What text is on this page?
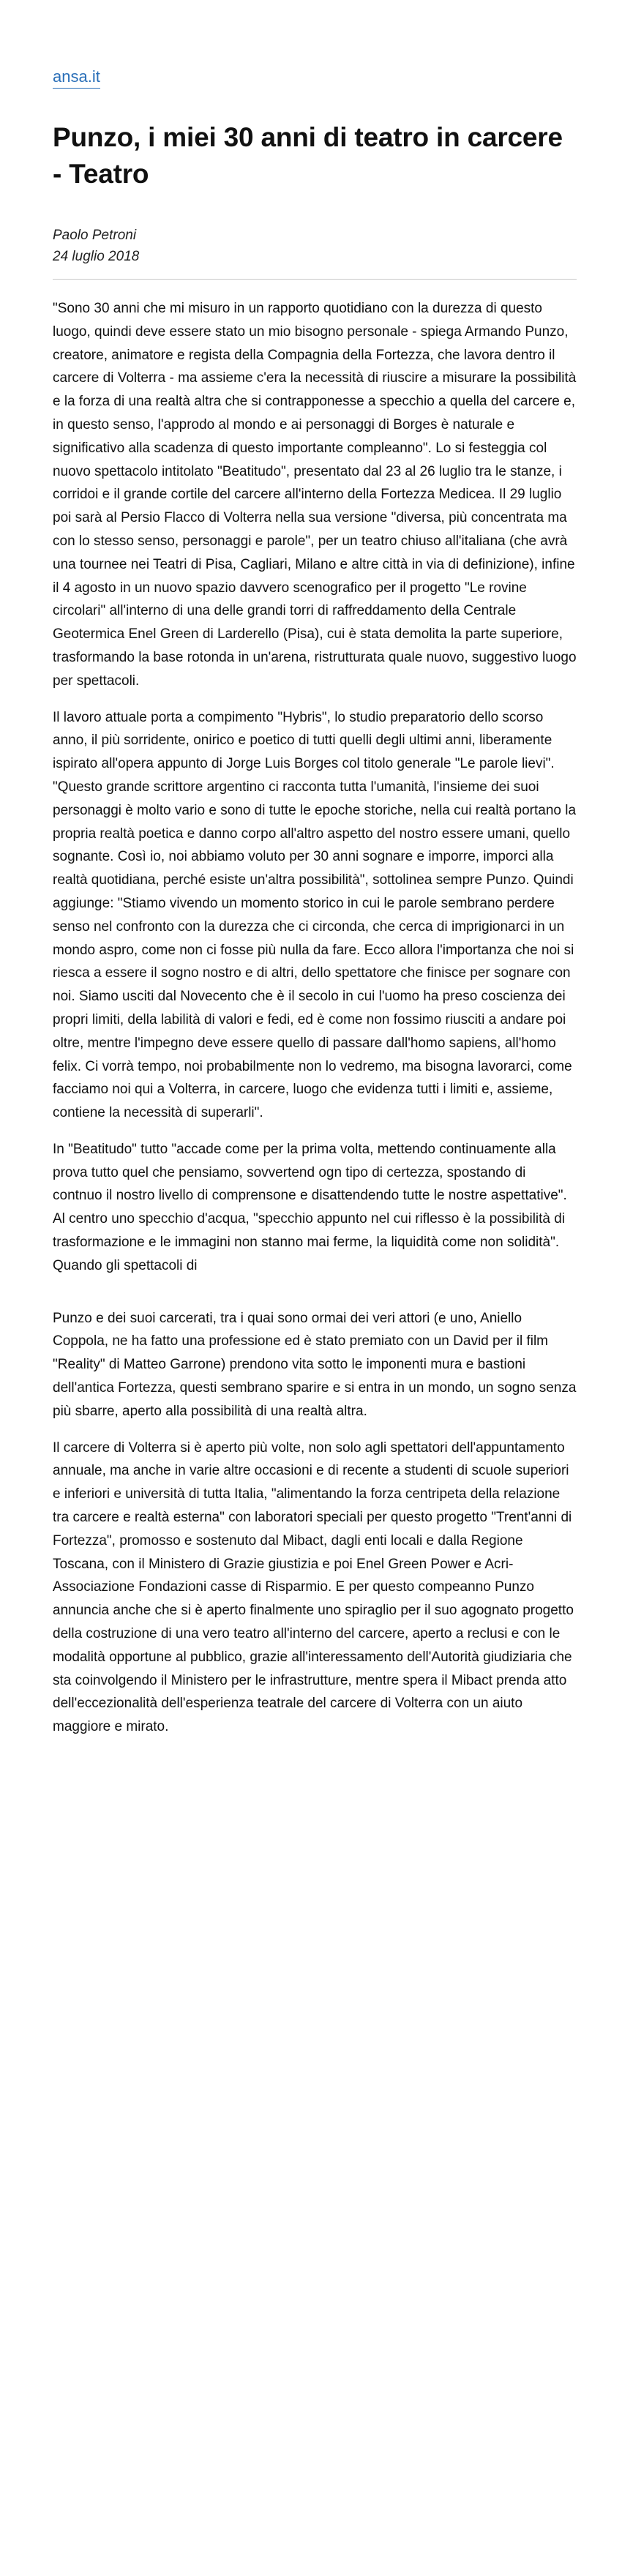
ansa.it
Punzo, i miei 30 anni di teatro in carcere - Teatro
Paolo Petroni
24 luglio 2018

"Sono 30 anni che mi misuro in un rapporto quotidiano con la durezza di questo luogo, quindi deve essere stato un mio bisogno personale - spiega Armando Punzo, creatore, animatore e regista della Compagnia della Fortezza, che lavora dentro il carcere di Volterra - ma assieme c'era la necessità di riuscire a misurare la possibilità e la forza di una realtà altra che si contrapponesse a specchio a quella del carcere e, in questo senso, l'approdo al mondo e ai personaggi di Borges è naturale e significativo alla scadenza di questo importante compleanno". Lo si festeggia col nuovo spettacolo intitolato "Beatitudo", presentato dal 23 al 26 luglio tra le stanze, i corridoi e il grande cortile del carcere all'interno della Fortezza Medicea. Il 29 luglio poi sarà al Persio Flacco di Volterra nella sua versione "diversa, più concentrata ma con lo stesso senso, personaggi e parole", per un teatro chiuso all'italiana (che avrà una tournee nei Teatri di Pisa, Cagliari, Milano e altre città in via di definizione), infine il 4 agosto in un nuovo spazio davvero scenografico per il progetto "Le rovine circolari" all'interno di una delle grandi torri di raffreddamento della Centrale Geotermica Enel Green di Larderello (Pisa), cui è stata demolita la parte superiore, trasformando la base rotonda in un'arena, ristrutturata quale nuovo, suggestivo luogo per spettacoli.

Il lavoro attuale porta a compimento "Hybris", lo studio preparatorio dello scorso anno, il più sorridente, onirico e poetico di tutti quelli degli ultimi anni, liberamente ispirato all'opera appunto di Jorge Luis Borges col titolo generale "Le parole lievi". "Questo grande scrittore argentino ci racconta tutta l'umanità, l'insieme dei suoi personaggi è molto vario e sono di tutte le epoche storiche, nella cui realtà portano la propria realtà poetica e danno corpo all'altro aspetto del nostro essere umani, quello sognante. Così io, noi abbiamo voluto per 30 anni sognare e imporre, imporci alla realtà quotidiana, perché esiste un'altra possibilità", sottolinea sempre Punzo. Quindi aggiunge: "Stiamo vivendo un momento storico in cui le parole sembrano perdere senso nel confronto con la durezza che ci circonda, che cerca di imprigionarci in un mondo aspro, come non ci fosse più nulla da fare. Ecco allora l'importanza che noi si riesca a essere il sogno nostro e di altri, dello spettatore che finisce per sognare con noi. Siamo usciti dal Novecento che è il secolo in cui l'uomo ha preso coscienza dei propri limiti, della labilità di valori e fedi, ed è come non fossimo riusciti a andare poi oltre, mentre l'impegno deve essere quello di passare dall'homo sapiens, all'homo felix. Ci vorrà tempo, noi probabilmente non lo vedremo, ma bisogna lavorarci, come facciamo noi qui a Volterra, in carcere, luogo che evidenza tutti i limiti e, assieme, contiene la necessità di superarli".

In "Beatitudo" tutto "accade come per la prima volta, mettendo continuamente alla prova tutto quel che pensiamo, sovvertend ogn tipo di certezza, spostando di contnuo il nostro livello di comprensone e disattendendo tutte le nostre aspettative". Al centro uno specchio d'acqua, "specchio appunto nel cui riflesso è la possibilità di trasformazione e le immagini non stanno mai ferme, la liquidità come non solidità". Quando gli spettacoli di

Punzo e dei suoi carcerati, tra i quai sono ormai dei veri attori (e uno, Aniello Coppola, ne ha fatto una professione ed è stato premiato con un David per il film "Reality" di Matteo Garrone) prendono vita sotto le imponenti mura e bastioni dell'antica Fortezza, questi sembrano sparire e si entra in un mondo, un sogno senza più sbarre, aperto alla possibilità di una realtà altra.

Il carcere di Volterra si è aperto più volte, non solo agli spettatori dell'appuntamento annuale, ma anche in varie altre occasioni e di recente a studenti di scuole superiori e inferiori e università di tutta Italia, "alimentando la forza centripeta della relazione tra carcere e realtà esterna" con laboratori speciali per questo progetto "Trent'anni di Fortezza", promosso e sostenuto dal Mibact, dagli enti locali e dalla Regione Toscana, con il Ministero di Grazie giustizia e poi Enel Green Power e Acri-Associazione Fondazioni casse di Risparmio. E per questo compeanno Punzo annuncia anche che si è aperto finalmente uno spiraglio per il suo agognato progetto della costruzione di una vero teatro all'interno del carcere, aperto a reclusi e con le modalità opportune al pubblico, grazie all'interessamento dell'Autorità giudiziaria che sta coinvolgendo il Ministero per le infrastrutture, mentre spera il Mibact prenda atto dell'eccezionalità dell'esperienza teatrale del carcere di Volterra con un aiuto maggiore e mirato.
